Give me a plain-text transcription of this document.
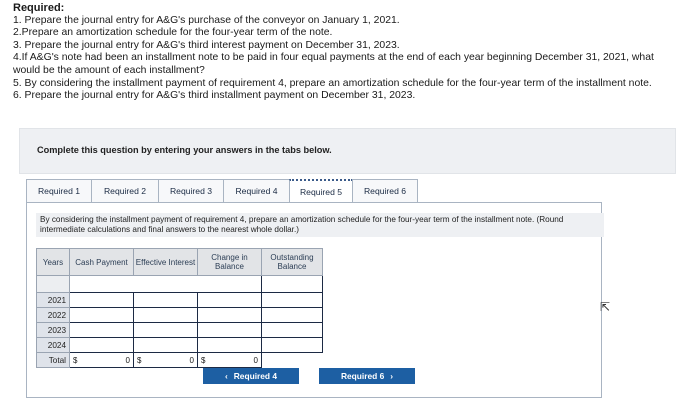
Required:
1. Prepare the journal entry for A&G's purchase of the conveyor on January 1, 2021.
2.Prepare an amortization schedule for the four-year term of the note.
3. Prepare the journal entry for A&G's third interest payment on December 31, 2023.
4.If A&G's note had been an installment note to be paid in four equal payments at the end of each year beginning December 31, 2021, what would be the amount of each installment?
5. By considering the installment payment of requirement 4, prepare an amortization schedule for the four-year term of the installment note.
6. Prepare the journal entry for A&G's third installment payment on December 31, 2023.
Complete this question by entering your answers in the tabs below.
Required 1	Required 2	Required 3	Required 4	Required 5	Required 6
By considering the installment payment of requirement 4, prepare an amortization schedule for the four-year term of the installment note. (Round intermediate calculations and final answers to the nearest whole dollar.)
Years	Cash Payment	Effective Interest	Change in Balance	Outstanding Balance

2021				
2022				
2023				
2024				
Total	$ 0	$ 0	$ 0	

‹ Required 4	Required 6 ›
⇱
